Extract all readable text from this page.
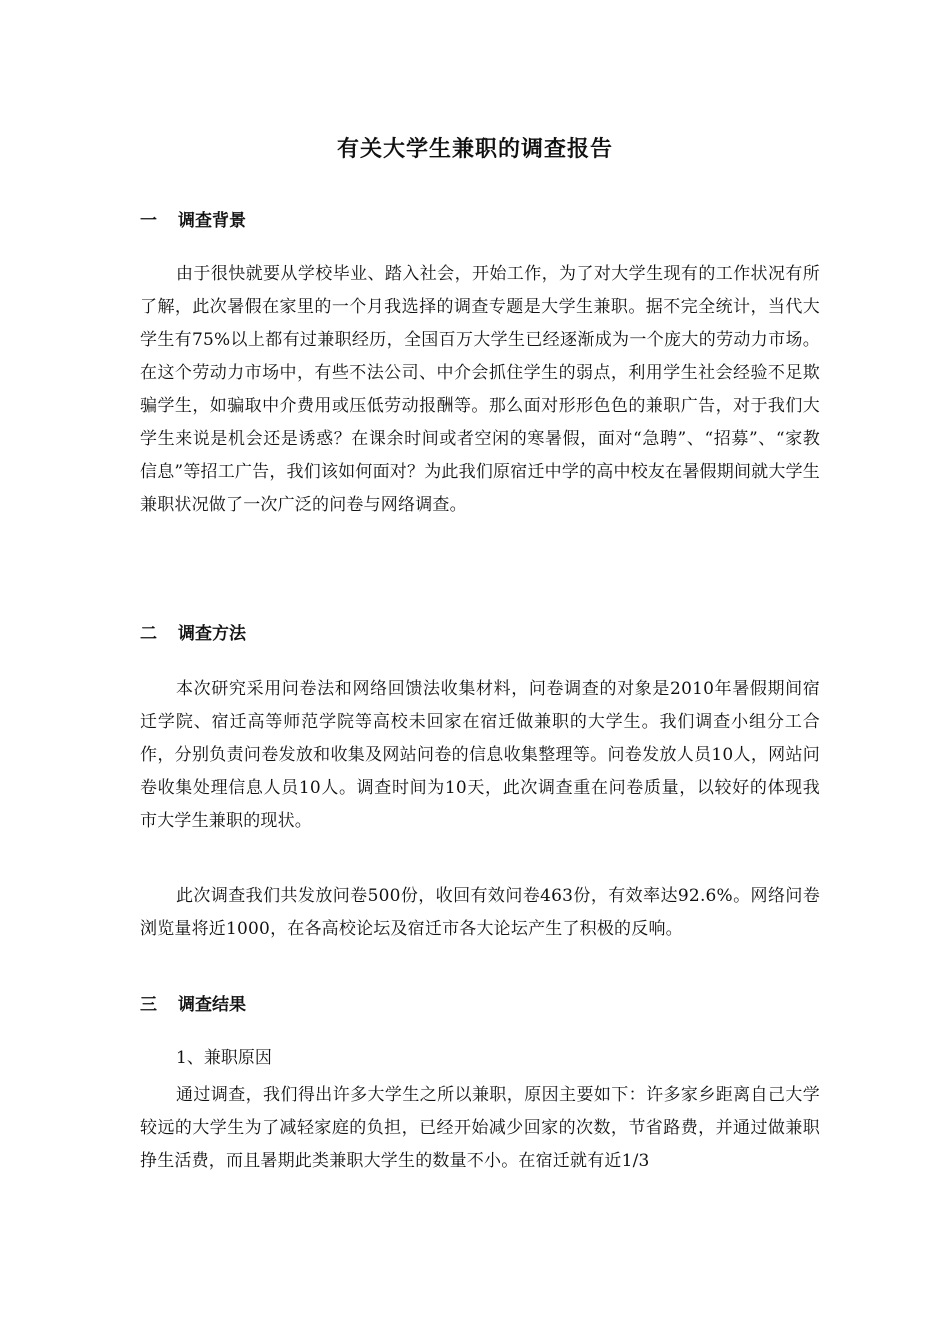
有关大学生兼职的调查报告
一 调查背景
由于很快就要从学校毕业、踏入社会，开始工作，为了对大学生现有的工作状况有所了解，此次暑假在家里的一个月我选择的调查专题是大学生兼职。据不完全统计，当代大学生有75%以上都有过兼职经历，全国百万大学生已经逐渐成为一个庞大的劳动力市场。在这个劳动力市场中，有些不法公司、中介会抓住学生的弱点，利用学生社会经验不足欺骗学生，如骗取中介费用或压低劳动报酬等。那么面对形形色色的兼职广告，对于我们大学生来说是机会还是诱惑？在课余时间或者空闲的寒暑假，面对“急聘”、“招募”、“家教信息”等招工广告，我们该如何面对？为此我们原宿迁中学的高中校友在暑假期间就大学生兼职状况做了一次广泛的问卷与网络调查。
二 调查方法
本次研究采用问卷法和网络回馈法收集材料，问卷调查的对象是2010年暑假期间宿迁学院、宿迁高等师范学院等高校未回家在宿迁做兼职的大学生。我们调查小组分工合作，分别负责问卷发放和收集及网站问卷的信息收集整理等。问卷发放人员10人，网站问卷收集处理信息人员10人。调查时间为10天，此次调查重在问卷质量，以较好的体现我市大学生兼职的现状。
此次调查我们共发放问卷500份，收回有效问卷463份，有效率达92.6%。网络问卷浏览量将近1000，在各高校论坛及宿迁市各大论坛产生了积极的反响。
三 调查结果
1、兼职原因
通过调查，我们得出许多大学生之所以兼职，原因主要如下：许多家乡距离自己大学较远的大学生为了减轻家庭的负担，已经开始减少回家的次数，节省路费，并通过做兼职挣生活费，而且暑期此类兼职大学生的数量不小。在宿迁就有近1/3
